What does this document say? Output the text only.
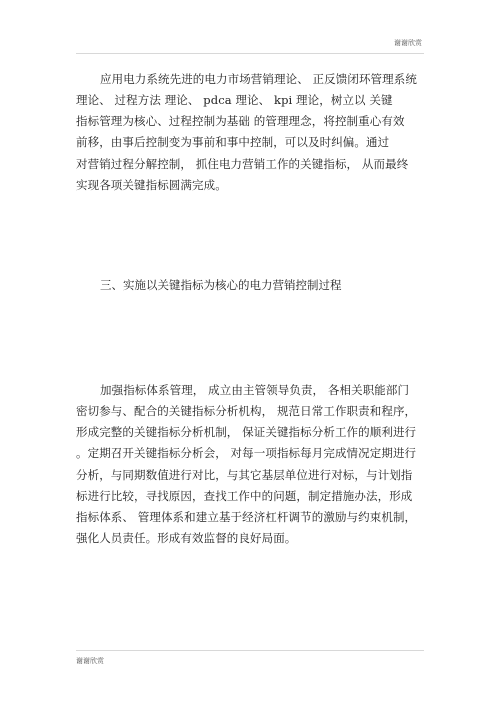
谢谢欣赏
应用电力系统先进的电力市场营销理论、 正反馈闭环管理系统
理论、 过程方法 理论、 pdca 理论、 kpi 理论，树立以 关键
指标管理为核心、过程控制为基础 的管理理念，将控制重心有效
前移，由事后控制变为事前和事中控制，可以及时纠偏。通过
对营销过程分解控制， 抓住电力营销工作的关键指标， 从而最终
实现各项关键指标圆满完成。
三、实施以关键指标为核心的电力营销控制过程
加强指标体系管理， 成立由主管领导负责， 各相关职能部门
密切参与、配合的关键指标分析机构， 规范日常工作职责和程序，
形成完整的关键指标分析机制， 保证关键指标分析工作的顺利进行
。定期召开关键指标分析会， 对每一项指标每月完成情况定期进行
分析，与同期数值进行对比，与其它基层单位进行对标，与计划指
标进行比较，寻找原因，查找工作中的问题，制定措施办法，形成
指标体系、 管理体系和建立基于经济杠杆调节的激励与约束机制，
强化人员责任。形成有效监督的良好局面。
谢谢欣赏
